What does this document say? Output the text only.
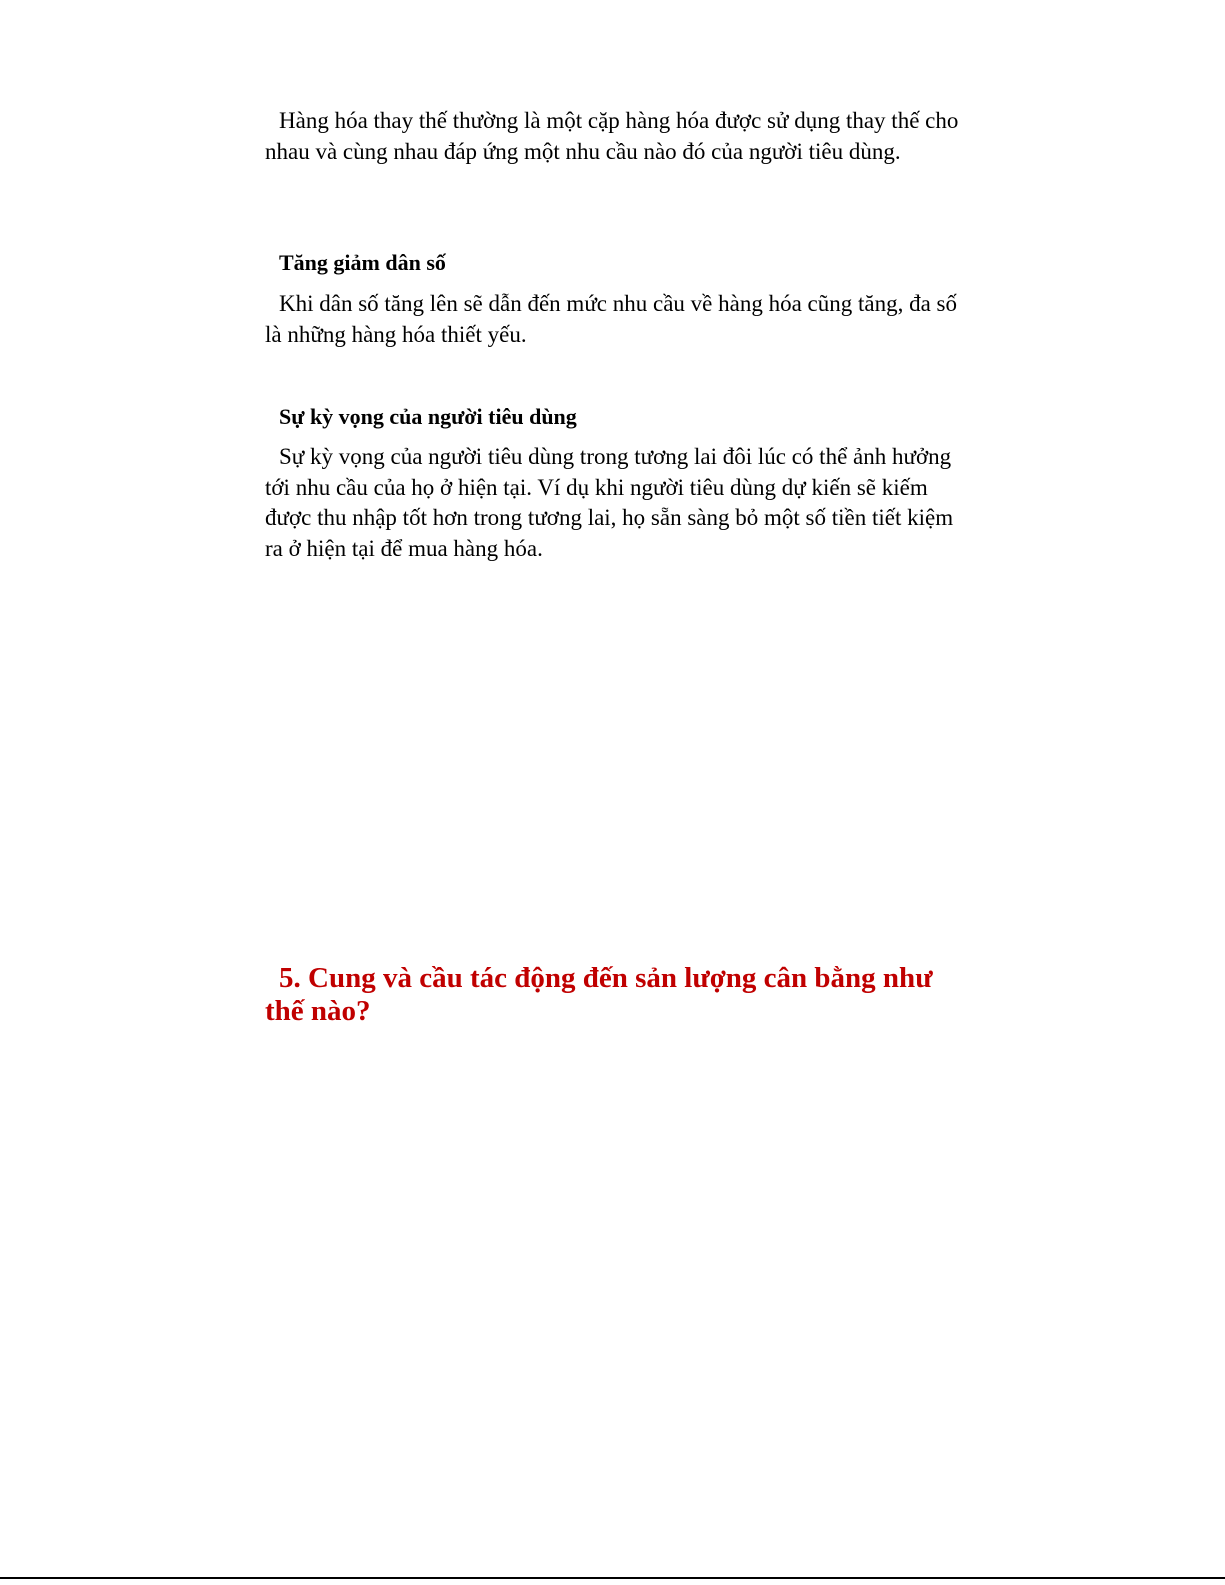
Hàng hóa thay thế thường là một cặp hàng hóa được sử dụng thay thế cho nhau và cùng nhau đáp ứng một nhu cầu nào đó của người tiêu dùng.

Tăng giảm dân số

Khi dân số tăng lên sẽ dẫn đến mức nhu cầu về hàng hóa cũng tăng, đa số là những hàng hóa thiết yếu.

Sự kỳ vọng của người tiêu dùng

Sự kỳ vọng của người tiêu dùng trong tương lai đôi lúc có thể ảnh hưởng tới nhu cầu của họ ở hiện tại. Ví dụ khi người tiêu dùng dự kiến sẽ kiếm được thu nhập tốt hơn trong tương lai, họ sẵn sàng bỏ một số tiền tiết kiệm ra ở hiện tại để mua hàng hóa.

5. Cung và cầu tác động đến sản lượng cân bằng như thế nào?
